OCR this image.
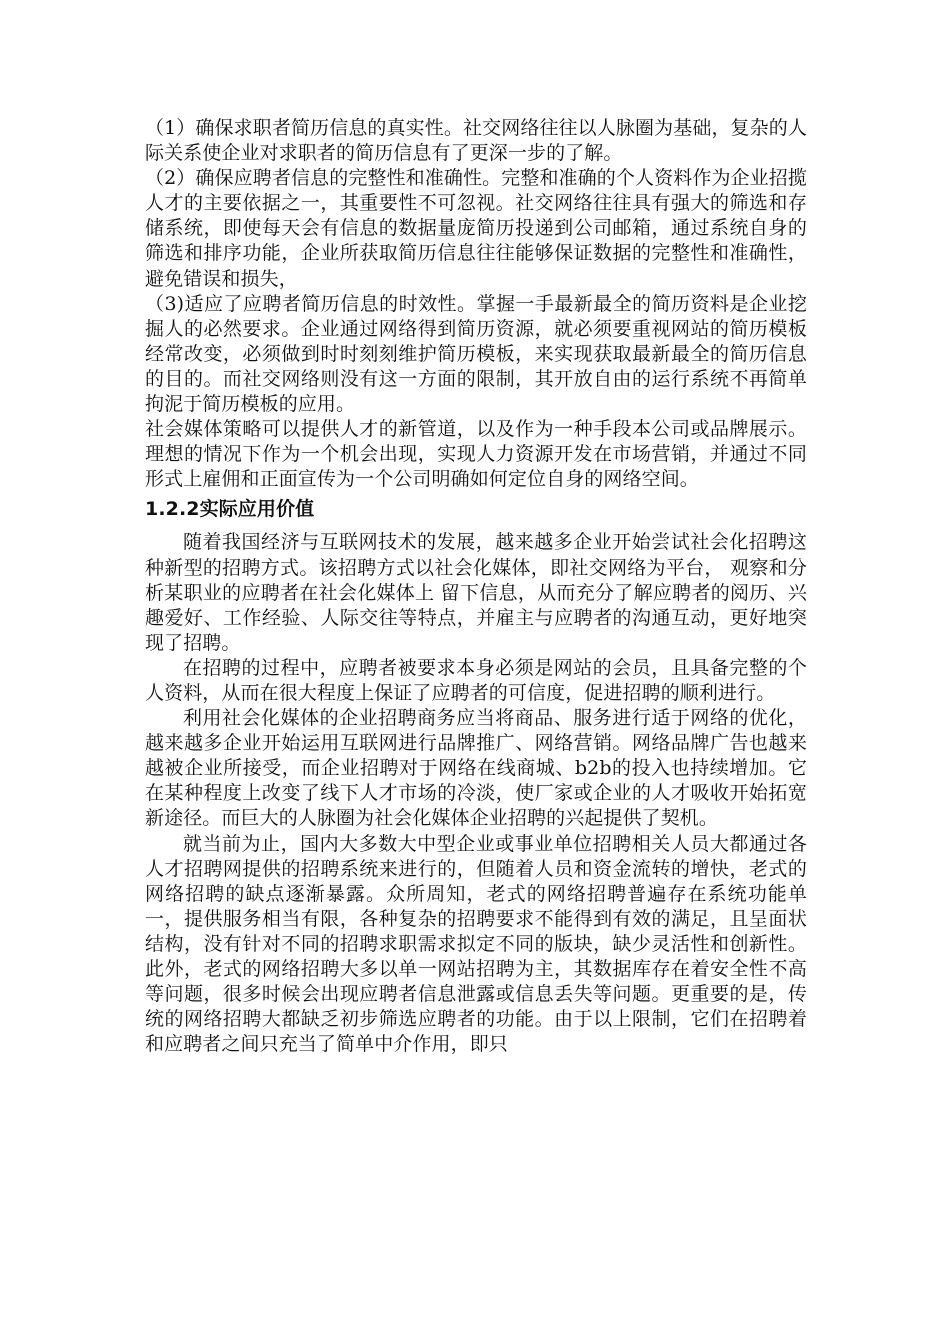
（1）确保求职者简历信息的真实性。社交网络往往以人脉圈为基础，复杂的人际关系使企业对求职者的简历信息有了更深一步的了解。

（2）确保应聘者信息的完整性和准确性。完整和准确的个人资料作为企业招揽人才的主要依据之一，其重要性不可忽视。社交网络往往具有强大的筛选和存储系统，即使每天会有信息的数据量庞简历投递到公司邮箱，通过系统自身的筛选和排序功能，企业所获取简历信息往往能够保证数据的完整性和准确性，避免错误和损失，

（3)适应了应聘者简历信息的时效性。掌握一手最新最全的简历资料是企业挖掘人的必然要求。企业通过网络得到简历资源，就必须要重视网站的简历模板经常改变，必须做到时时刻刻维护简历模板，来实现获取最新最全的简历信息的目的。而社交网络则没有这一方面的限制，其开放自由的运行系统不再简单拘泥于简历模板的应用。

社会媒体策略可以提供人才的新管道，以及作为一种手段本公司或品牌展示。理想的情况下作为一个机会出现，实现人力资源开发在市场营销，并通过不同形式上雇佣和正面宣传为一个公司明确如何定位自身的网络空间。

1.2.2实际应用价值

随着我国经济与互联网技术的发展，越来越多企业开始尝试社会化招聘这种新型的招聘方式。该招聘方式以社会化媒体，即社交网络为平台， 观察和分析某职业的应聘者在社会化媒体上 留下信息，从而充分了解应聘者的阅历、兴趣爱好、工作经验、人际交往等特点，并雇主与应聘者的沟通互动，更好地突现了招聘。

在招聘的过程中，应聘者被要求本身必须是网站的会员，且具备完整的个人资料，从而在很大程度上保证了应聘者的可信度，促进招聘的顺利进行。

利用社会化媒体的企业招聘商务应当将商品、服务进行适于网络的优化，越来越多企业开始运用互联网进行品牌推广、网络营销。网络品牌广告也越来越被企业所接受，而企业招聘对于网络在线商城、b2b的投入也持续增加。它在某种程度上改变了线下人才市场的冷淡，使厂家或企业的人才吸收开始拓宽新途径。而巨大的人脉圈为社会化媒体企业招聘的兴起提供了契机。

就当前为止，国内大多数大中型企业或事业单位招聘相关人员大都通过各人才招聘网提供的招聘系统来进行的，但随着人员和资金流转的增快，老式的网络招聘的缺点逐渐暴露。众所周知，老式的网络招聘普遍存在系统功能单一，提供服务相当有限，各种复杂的招聘要求不能得到有效的满足，且呈面状结构，没有针对不同的招聘求职需求拟定不同的版块，缺少灵活性和创新性。此外，老式的网络招聘大多以单一网站招聘为主，其数据库存在着安全性不高等问题，很多时候会出现应聘者信息泄露或信息丢失等问题。更重要的是，传统的网络招聘大都缺乏初步筛选应聘者的功能。由于以上限制，它们在招聘着和应聘者之间只充当了简单中介作用，即只
